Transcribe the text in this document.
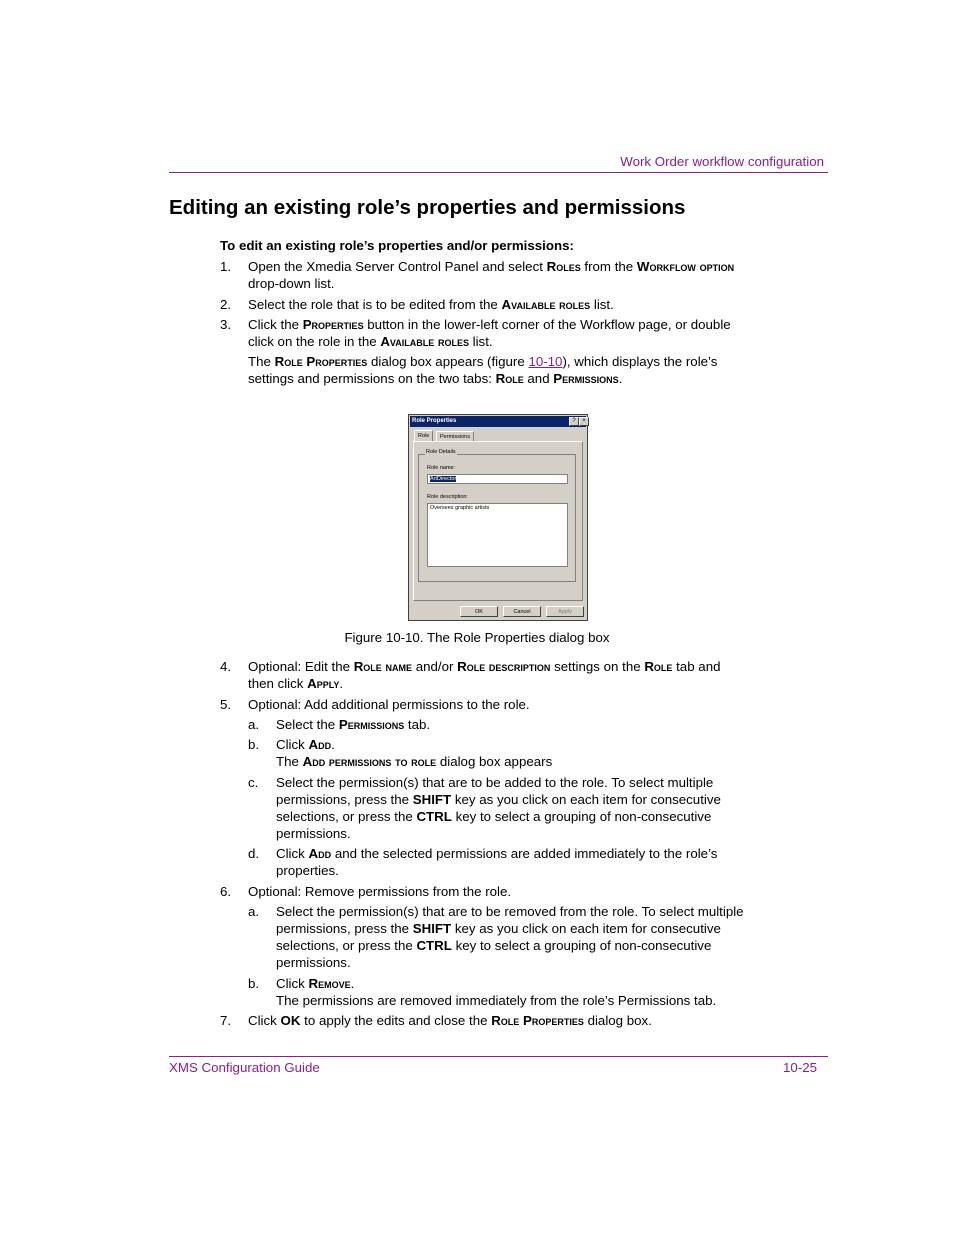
Work Order workflow configuration
Editing an existing role’s properties and permissions
To edit an existing role’s properties and/or permissions:
1. Open the Xmedia Server Control Panel and select Roles from the Workflow option
drop-down list.
2. Select the role that is to be edited from the Available roles list.
3. Click the Properties button in the lower-left corner of the Workflow page, or double
click on the role in the Available roles list.
The Role Properties dialog box appears (figure 10-10), which displays the role’s
settings and permissions on the two tabs: Role and Permissions.
Role Properties	?	×
Role	Permissions
Role Details
Role name:
ArtDirector
Role description:
Oversees graphic artists
OK	Cancel	Apply
Figure 10-10. The Role Properties dialog box
4. Optional: Edit the Role name and/or Role description settings on the Role tab and
then click Apply.
5. Optional: Add additional permissions to the role.
a. Select the Permissions tab.
b. Click Add.
The Add permissions to role dialog box appears
c. Select the permission(s) that are to be added to the role. To select multiple
permissions, press the SHIFT key as you click on each item for consecutive
selections, or press the CTRL key to select a grouping of non-consecutive
permissions.
d. Click Add and the selected permissions are added immediately to the role’s
properties.
6. Optional: Remove permissions from the role.
a. Select the permission(s) that are to be removed from the role. To select multiple
permissions, press the SHIFT key as you click on each item for consecutive
selections, or press the CTRL key to select a grouping of non-consecutive
permissions.
b. Click Remove.
The permissions are removed immediately from the role’s Permissions tab.
7. Click OK to apply the edits and close the Role Properties dialog box.
XMS Configuration Guide	10-25
